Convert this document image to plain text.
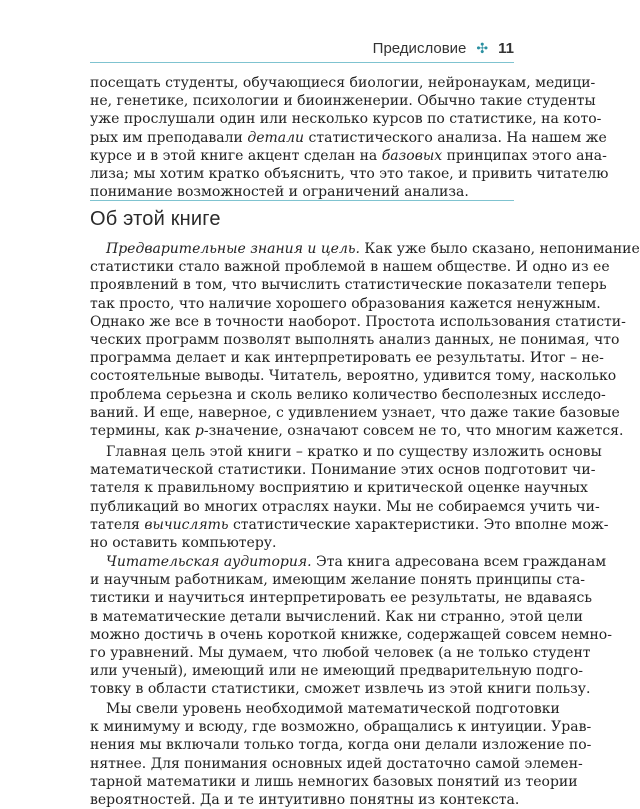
Предисловие ✣ 11
посещать студенты, обучающиеся биологии, нейронаукам, медици-
не, генетике, психологии и биоинженерии. Обычно такие студенты
уже прослушали один или несколько курсов по статистике, на кото-
рых им преподавали детали статистического анализа. На нашем же
курсе и в этой книге акцент сделан на базовых принципах этого ана-
лиза; мы хотим кратко объяснить, что это такое, и привить читателю
понимание возможностей и ограничений анализа.
Об этой книге
Предварительные знания и цель. Как уже было сказано, непонимание
статистики стало важной проблемой в нашем обществе. И одно из ее
проявлений в том, что вычислить статистические показатели теперь
так просто, что наличие хорошего образования кажется ненужным.
Однако же все в точности наоборот. Простота использования статисти-
ческих программ позволят выполнять анализ данных, не понимая, что
программа делает и как интерпретировать ее результаты. Итог – не-
состоятельные выводы. Читатель, вероятно, удивится тому, насколько
проблема серьезна и сколь велико количество бесполезных исследо-
ваний. И еще, наверное, с удивлением узнает, что даже такие базовые
термины, как p-значение, означают совсем не то, что многим кажется.
Главная цель этой книги – кратко и по существу изложить основы
математической статистики. Понимание этих основ подготовит чи-
тателя к правильному восприятию и критической оценке научных
публикаций во многих отраслях науки. Мы не собираемся учить чи-
тателя вычислять статистические характеристики. Это вполне мож-
но оставить компьютеру.
Читательская аудитория. Эта книга адресована всем гражданам
и научным работникам, имеющим желание понять принципы ста-
тистики и научиться интерпретировать ее результаты, не вдаваясь
в математические детали вычислений. Как ни странно, этой цели
можно достичь в очень короткой книжке, содержащей совсем немно-
го уравнений. Мы думаем, что любой человек (а не только студент
или ученый), имеющий или не имеющий предварительную подго-
товку в области статистики, сможет извлечь из этой книги пользу.
Мы свели уровень необходимой математической подготовки
к минимуму и всюду, где возможно, обращались к интуиции. Урав-
нения мы включали только тогда, когда они делали изложение по-
нятнее. Для понимания основных идей достаточно самой элемен-
тарной математики и лишь немногих базовых понятий из теории
вероятностей. Да и те интуитивно понятны из контекста.
